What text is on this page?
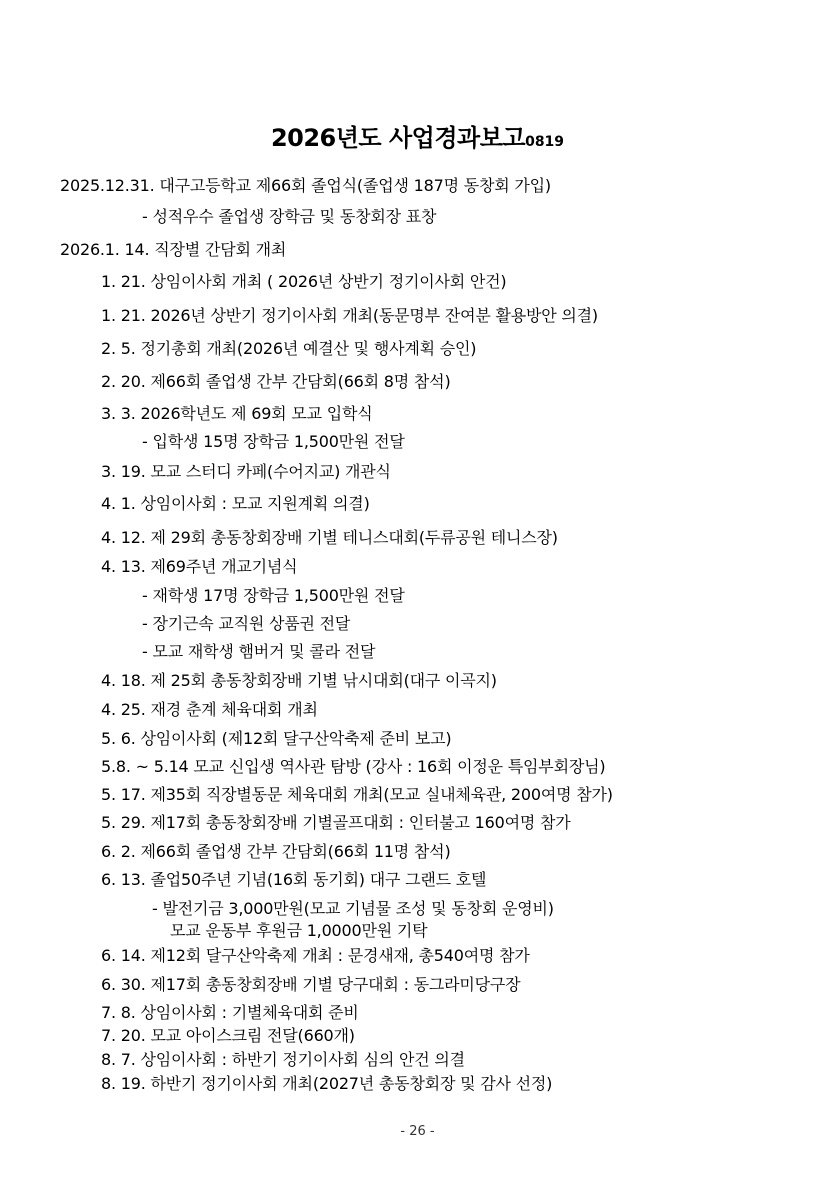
2026년도 사업경과보고0819
2025.12.31. 대구고등학교 제66회 졸업식(졸업생 187명 동창회 가입)
- 성적우수 졸업생 장학금 및 동창회장 표창
2026.1. 14. 직장별 간담회 개최
1. 21. 상임이사회 개최 ( 2026년 상반기 정기이사회 안건)
1. 21. 2026년 상반기 정기이사회 개최(동문명부 잔여분 활용방안 의결)
2. 5. 정기총회 개최(2026년 예결산 및 행사계획 승인)
2. 20. 제66회 졸업생 간부 간담회(66회 8명 참석)
3. 3. 2026학년도 제 69회 모교 입학식
- 입학생 15명 장학금 1,500만원 전달
3. 19. 모교 스터디 카페(수어지교) 개관식
4. 1. 상임이사회 : 모교 지원계획 의결)
4. 12. 제 29회 총동창회장배 기별 테니스대회(두류공원 테니스장)
4. 13. 제69주년 개교기념식
- 재학생 17명 장학금 1,500만원 전달
- 장기근속 교직원 상품권 전달
- 모교 재학생 햄버거 및 콜라 전달
4. 18. 제 25회 총동창회장배 기별 낚시대회(대구 이곡지)
4. 25. 재경 춘계 체육대회 개최
5. 6. 상임이사회 (제12회 달구산악축제 준비 보고)
5.8. ~ 5.14 모교 신입생 역사관 탐방 (강사 : 16회 이정운 특임부회장님)
5. 17. 제35회 직장별동문 체육대회 개최(모교 실내체육관, 200여명 참가)
5. 29. 제17회 총동창회장배 기별골프대회 : 인터불고 160여명 참가
6. 2. 제66회 졸업생 간부 간담회(66회 11명 참석)
6. 13. 졸업50주년 기념(16회 동기회) 대구 그랜드 호텔
- 발전기금 3,000만원(모교 기념물 조성 및 동창회 운영비)
모교 운동부 후원금 1,0000만원 기탁
6. 14. 제12회 달구산악축제 개최 : 문경새재, 총540여명 참가
6. 30. 제17회 총동창회장배 기별 당구대회 : 동그라미당구장
7. 8. 상임이사회 : 기별체육대회 준비
7. 20. 모교 아이스크림 전달(660개)
8. 7. 상임이사회 : 하반기 정기이사회 심의 안건 의결
8. 19. 하반기 정기이사회 개최(2027년 총동창회장 및 감사 선정)
- 26 -
